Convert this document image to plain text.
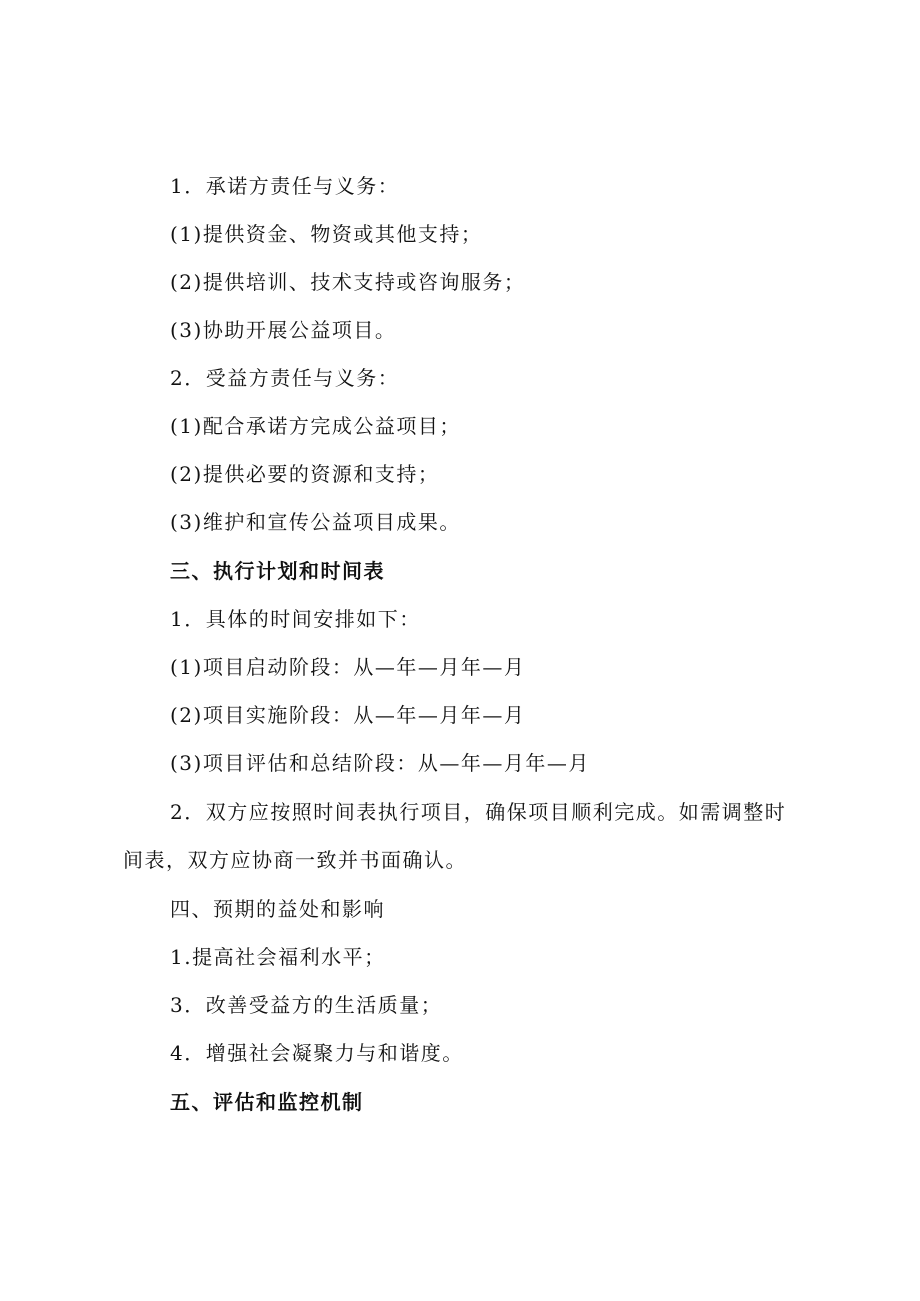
1．承诺方责任与义务：
(1)提供资金、物资或其他支持；
(2)提供培训、技术支持或咨询服务；
(3)协助开展公益项目。
2．受益方责任与义务：
(1)配合承诺方完成公益项目；
(2)提供必要的资源和支持；
(3)维护和宣传公益项目成果。
三、执行计划和时间表
1．具体的时间安排如下：
(1)项目启动阶段：从—年—月年—月
(2)项目实施阶段：从—年—月年—月
(3)项目评估和总结阶段：从—年—月年—月
2．双方应按照时间表执行项目，确保项目顺利完成。如需调整时
间表，双方应协商一致并书面确认。
四、预期的益处和影响
1.提高社会福利水平；
3．改善受益方的生活质量；
4．增强社会凝聚力与和谐度。
五、评估和监控机制
